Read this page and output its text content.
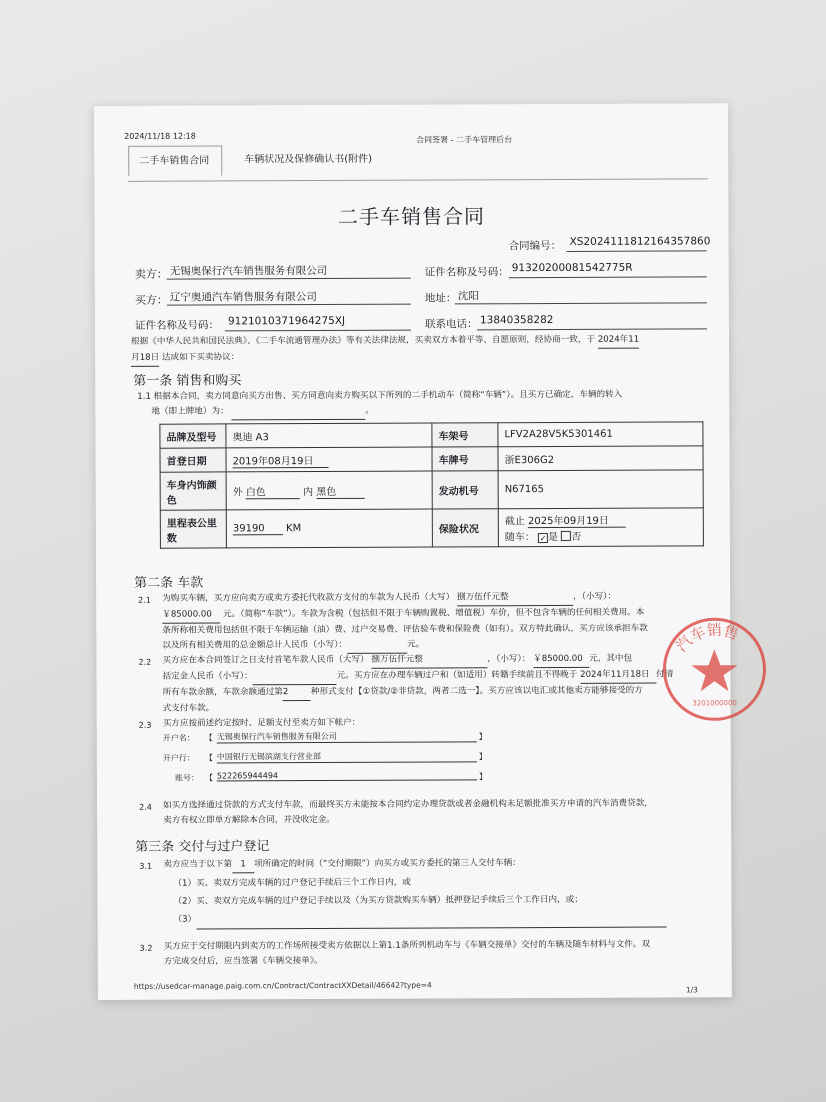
2024/11/18 12:18	合同签署 - 二手车管理后台
二手车销售合同	车辆状况及保修确认书(附件)
二手车销售合同
合同编号： XS2024111812164357860
卖方： 无锡奥保行汽车销售服务有限公司	证件名称及号码： 91320200081542775R
买方： 辽宁奥通汽车销售服务有限公司	地址： 沈阳
证件名称及号码： 9121010371964275XJ	联系电话： 13840358282
根据《中华人民共和国民法典》、《二手车流通管理办法》等有关法律法规，买卖双方本着平等、自愿原则，经协商一致，于 2024年11
月18日 达成如下买卖协议：
第一条 销售和购买
1.1 根据本合同，卖方同意向买方出售、买方同意向卖方购买以下所列的二手机动车（简称“车辆”）。且买方已确定，车辆的转入
地（即上牌地）为：	。
品牌及型号	奥迪 A3	车架号	LFV2A28V5K5301461
首登日期	2019年08月19日	车牌号	浙E306G2
车身内饰颜色	外 白色 内 黑色	发动机号	N67165
里程表公里数	39190 KM	保险状况	截止 2025年09月19日
随车： ✓ 是 否
第二条 车款
2.1 为购买车辆，买方应向卖方或卖方委托代收款方支付的车款为人民币（大写） 捌万伍仟元整	，（小写）：
￥85000.00 元。（简称“车款”）。车款为含税（包括但不限于车辆购置税、增值税）车价，但不包含车辆的任何相关费用。本
条所称相关费用包括但不限于车辆运输（油）费、过户交易费、评估验车费和保险费（如有）。双方特此确认，买方应该承担车款
以及所有相关费用的总金额总计人民币（小写）：	元。
2.2 买方应在本合同签订之日支付首笔车款人民币（大写） 捌万伍仟元整	，（小写）： ￥85000.00 元，其中包
括定金人民币（小写）：	元。买方应在办理车辆过户和（如适用）转籍手续前且不得晚于 2024年11月18日 付清
所有车款余额，车款余额通过第2	种形式支付【①贷款/②非贷款，两者二选一】。买方应该以电汇或其他卖方能够接受的方
式支付车款。
2.3 买方应按前述约定按时、足额支付至卖方如下帐户：
开户名： 【 无锡奥保行汽车销售服务有限公司	】
开户行： 【 中国银行无锡滨湖支行营业部	】
账号： 【 522265944494	】
2.4 如买方选择通过贷款的方式支付车款，而最终买方未能按本合同约定办理贷款或者金融机构未足额批准买方申请的汽车消费贷款，
卖方有权立即单方解除本合同，并没收定金。
第三条 交付与过户登记
3.1 卖方应当于以下第 1 项所确定的时间（“交付期限”）向买方或买方委托的第三人交付车辆：
（1）买、卖双方完成车辆的过户登记手续后三个工作日内，或
（2）买、卖双方完成车辆的过户登记手续以及（为买方贷款购买车辆）抵押登记手续后三个工作日内，或；
（3）
3.2 买方应于交付期限内到卖方的工作场所接受卖方依据以上第1.1条所列机动车与《车辆交接单》交付的车辆及随车材料与文件。双
方完成交付后，应当签署《车辆交接单》。
https://usedcar-manage.paig.com.cn/Contract/ContractXXDetail/46642?type=4	1/3
汽车销售
3201000000
